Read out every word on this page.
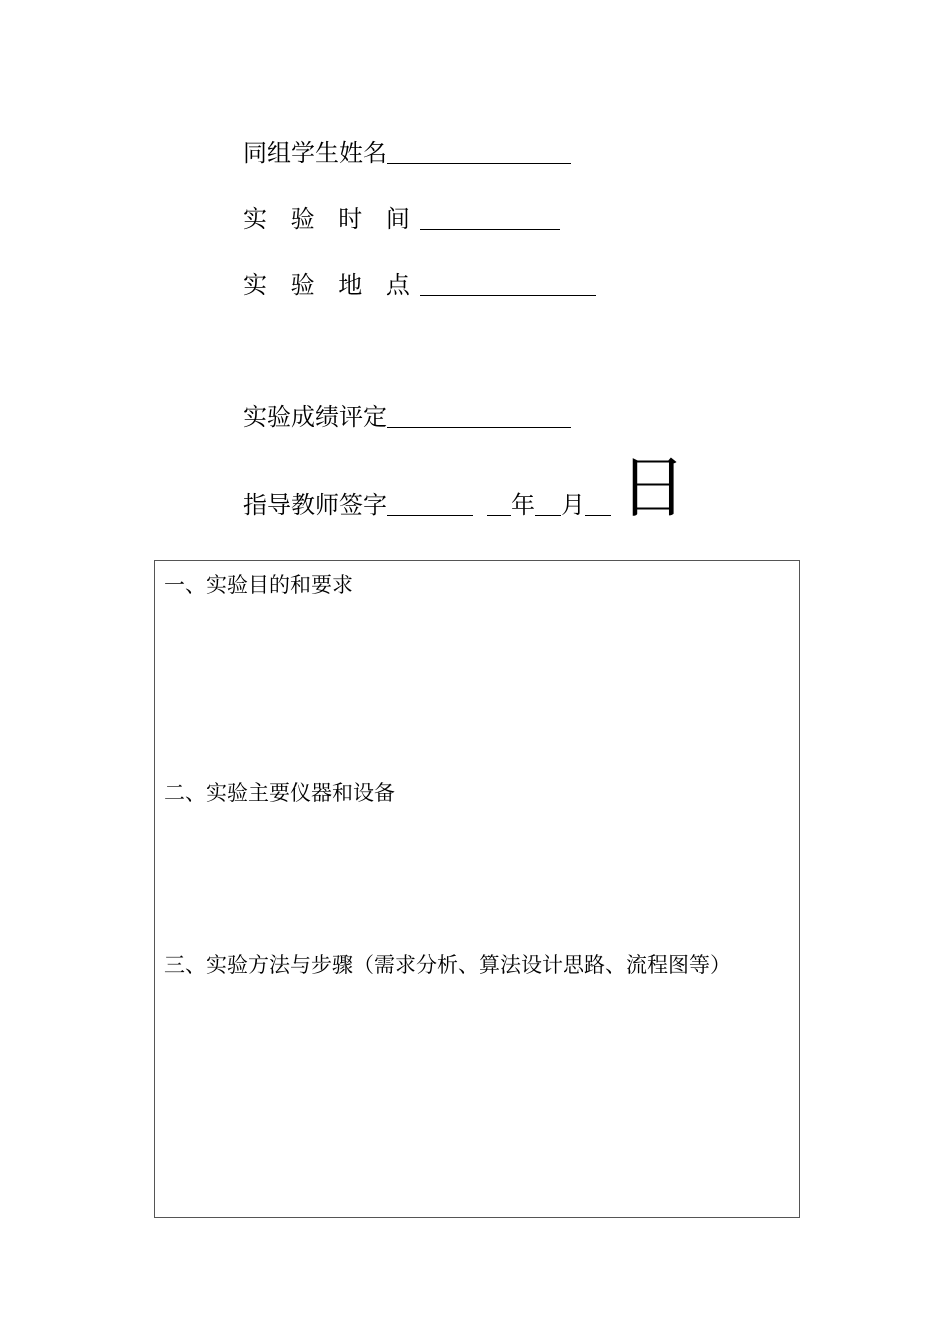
同组学生姓名
实 验 时 间
实 验 地 点
实验成绩评定
指导教师签字	年 月 日
一、实验目的和要求
二、实验主要仪器和设备
三、实验方法与步骤（需求分析、算法设计思路、流程图等）
